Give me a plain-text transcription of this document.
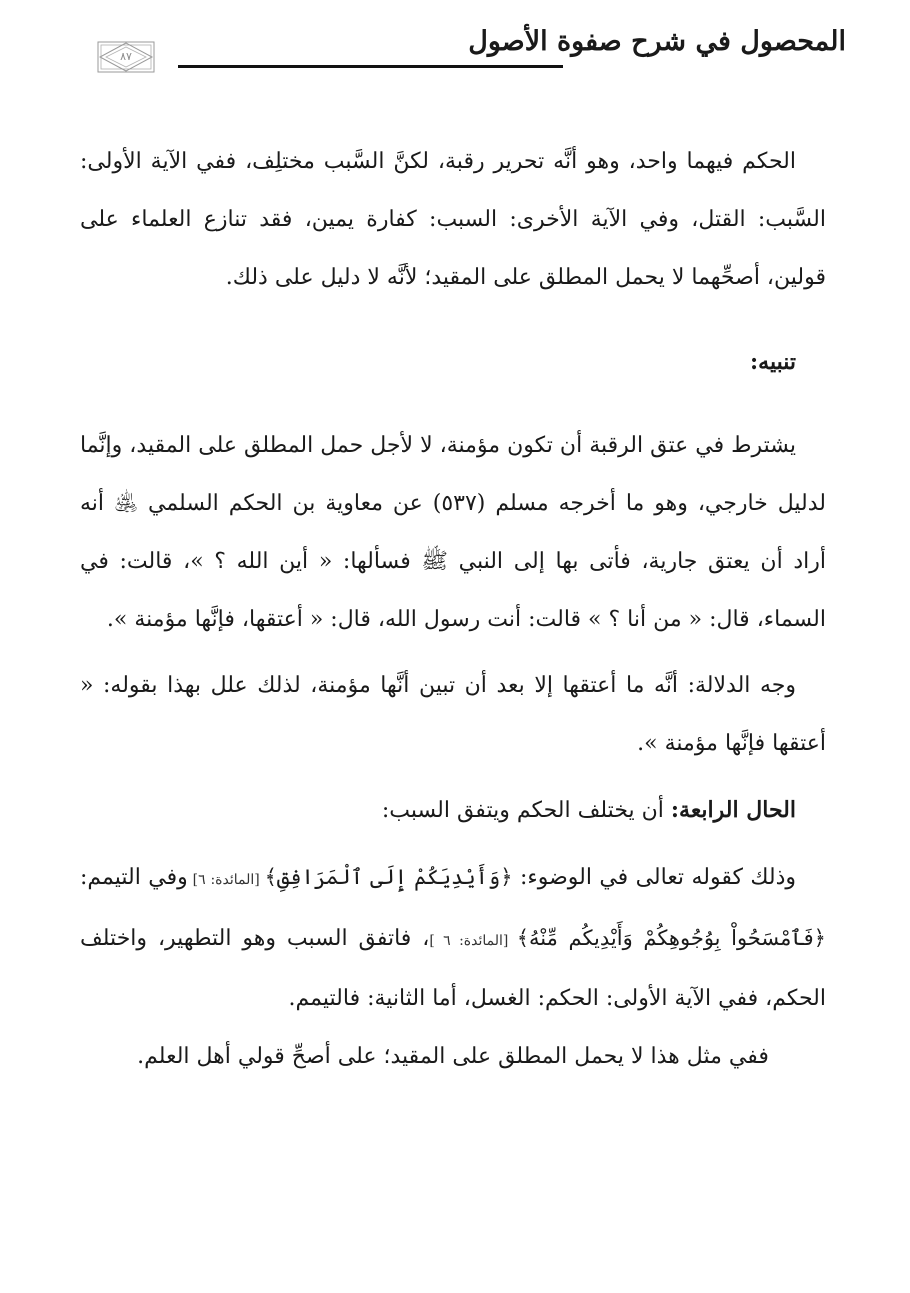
المحصول في شرح صفوة الأصول
٨٧

الحكم فيهما واحد، وهو أنَّه تحرير رقبة، لكنَّ السَّبب مختلِف، ففي الآية الأولى: السَّبب: القتل، وفي الآية الأخرى: السبب: كفارة يمين، فقد تنازع العلماء على قولين، أصحِّهما لا يحمل المطلق على المقيد؛ لأنَّه لا دليل على ذلك.

تنبيه:

يشترط في عتق الرقبة أن تكون مؤمنة، لا لأجل حمل المطلق على المقيد، وإنَّما لدليل خارجي، وهو ما أخرجه مسلم (٥٣٧) عن معاوية بن الحكم السلمي ﵁ أنه أراد أن يعتق جارية، فأتى بها إلى النبي ﷺ فسألها: « أين الله ؟ »، قالت: في السماء، قال: « من أنا ؟ » قالت: أنت رسول الله، قال: « أعتقها، فإنَّها مؤمنة ».

وجه الدلالة: أنَّه ما أعتقها إلا بعد أن تبين أنَّها مؤمنة، لذلك علل بهذا بقوله: « أعتقها فإنَّها مؤمنة ».

الحال الرابعة: أن يختلف الحكم ويتفق السبب:

وذلك كقوله تعالى في الوضوء: ﴿وَأَيْدِيَكُمْ إِلَى ٱلْمَرَافِقِ﴾ [المائدة: ٦] وفي التيمم: ﴿فَٱمْسَحُواْ بِوُجُوهِكُمْ وَأَيْدِيكُم مِّنْهُ﴾ [المائدة: ٦ ]، فاتفق السبب وهو التطهير، واختلف الحكم، ففي الآية الأولى: الحكم: الغسل، أما الثانية: فالتيمم.

ففي مثل هذا لا يحمل المطلق على المقيد؛ على أصحِّ قولي أهل العلم.
